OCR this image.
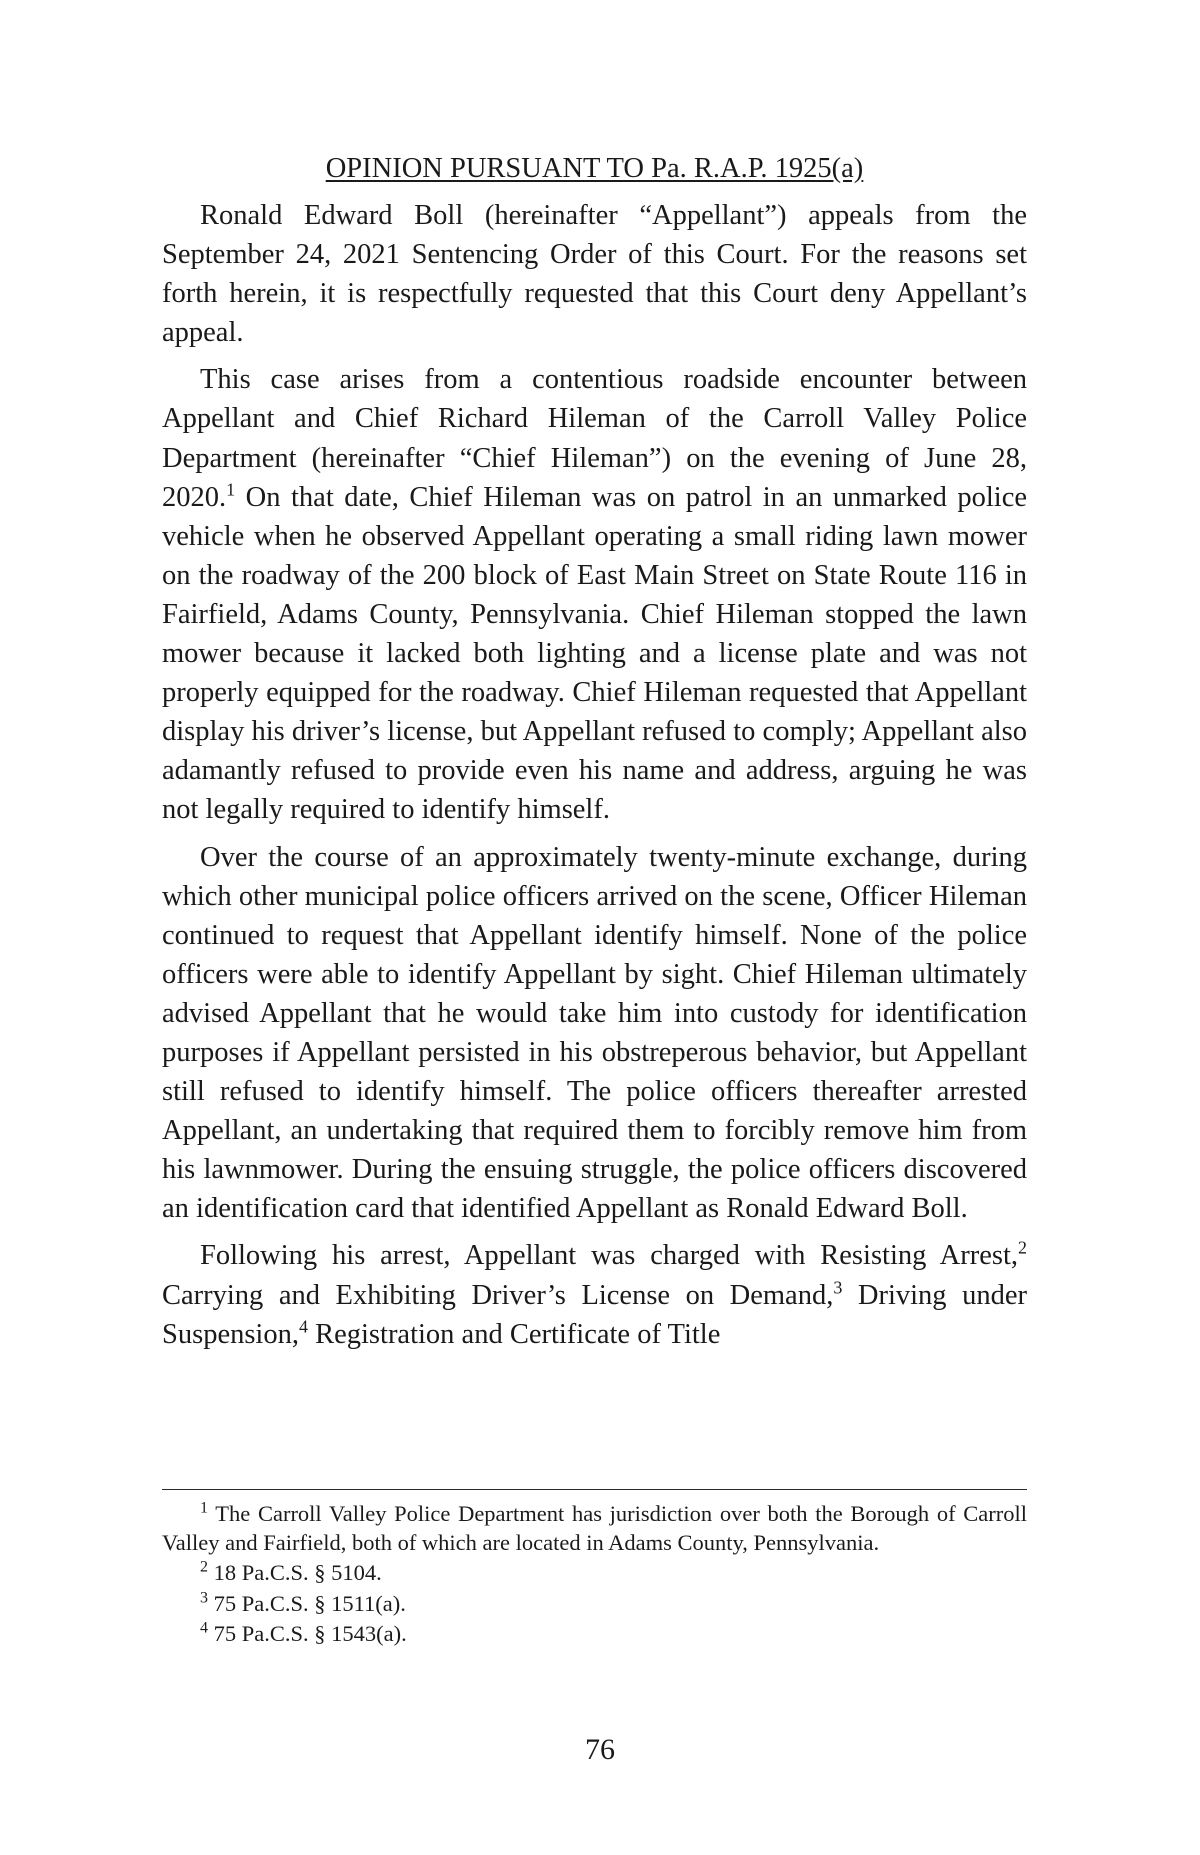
OPINION PURSUANT TO Pa. R.A.P. 1925(a)

Ronald Edward Boll (hereinafter “Appellant”) appeals from the September 24, 2021 Sentencing Order of this Court. For the reasons set forth herein, it is respectfully requested that this Court deny Appellant’s appeal.

This case arises from a contentious roadside encounter between Appellant and Chief Richard Hileman of the Carroll Valley Police Department (hereinafter “Chief Hileman”) on the evening of June 28, 2020.$^1$ On that date, Chief Hileman was on patrol in an unmarked police vehicle when he observed Appellant operating a small riding lawn mower on the roadway of the 200 block of East Main Street on State Route 116 in Fairfield, Adams County, Pennsylvania. Chief Hileman stopped the lawn mower because it lacked both lighting and a license plate and was not properly equipped for the roadway. Chief Hileman requested that Appellant display his driver’s license, but Appellant refused to comply; Appellant also adamantly refused to provide even his name and address, arguing he was not legally required to identify himself.

Over the course of an approximately twenty-minute exchange, during which other municipal police officers arrived on the scene, Officer Hileman continued to request that Appellant identify himself. None of the police officers were able to identify Appellant by sight. Chief Hileman ultimately advised Appellant that he would take him into custody for identification purposes if Appellant persisted in his obstreperous behavior, but Appellant still refused to identify himself. The police officers thereafter arrested Appellant, an undertaking that required them to forcibly remove him from his lawnmower. During the ensuing struggle, the police officers discovered an identification card that identified Appellant as Ronald Edward Boll.

Following his arrest, Appellant was charged with Resisting Arrest,$^2$ Carrying and Exhibiting Driver’s License on Demand,$^3$ Driving under Suspension,$^4$ Registration and Certificate of Title

$^1$ The Carroll Valley Police Department has jurisdiction over both the Borough of Carroll Valley and Fairfield, both of which are located in Adams County, Pennsylvania.

$^2$ 18 Pa.C.S. § 5104.

$^3$ 75 Pa.C.S. § 1511(a).

$^4$ 75 Pa.C.S. § 1543(a).

76
